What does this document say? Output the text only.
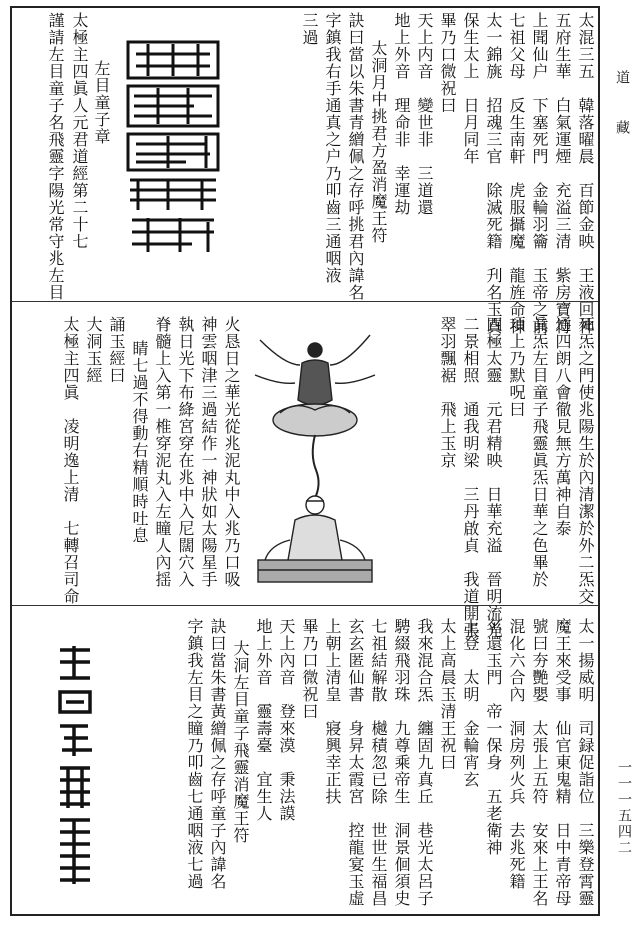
道 藏
一一一五四二
太混三五　韓落曜晨　百節金映　王液回神
五府生華　白氣運煙　充溢三清　紫房寶符
上聞仙户　下塞死門　金輪羽籥　玉帝之前
七祖父母　反生南軒　虎服攝魔　龍旌命神
太一錦旐　招魂三官　除滅死籍　刋名玉真
保生太上　日月同年
畢乃口微祝曰
天上内音　變世非　三道還
地上外音　理命非　幸運劫
太洞月中挑君方盈消魔王符
訣曰當以朱書青繒佩之存呼挑君內諱名
字鎮我右手通真之户乃叩齒三通咽液
三過
左目童子章
太極主四眞人元君道經第二十七
謹請左目童子名飛靈字陽光常守兆左目
死炁之門使兆陽生於內清潔於外二炁交
通四朗八會徹見無方萬神自泰
眞炁左目童子飛靈眞炁日華之色畢於
項上乃默呪曰
四極太靈　元君精映　日華充溢　晉明流光
二景相照　通我明梁　三丹啟貞　我道開張
翠羽飄裾　飛上玉京
火恳日之華光從兆泥丸中入兆乃口吸
神雲咽津三過結作一神狀如太陽星手
執日光下布絳宮穿在兆中入尼闊穴入
脊髓上入第一椎穿泥丸入左瞳人內揺
睛七過不得動右精順時吐息
誦玉經曰
大洞玉經
太極主四眞　凌明逸上清　七轉召司命
太一揚威明　司録促詣位　三樂登霄靈
魔王來受事　仙官東鬼精　日中青帝母
號曰夯艷嬰　太張上五符　安來上王名
混化六合內　洞房列火兵　去兆死籍
名還玉門　帝一保身　五老衛神
上登　太明　金輪宵玄
太上高晨玉清王祝曰
我來混合炁　纏固九真丘　巷光太呂子
騁綴飛羽珠　九尊乘帝生　洞景佪須史
七祖結解散　樾積忽已除　世世生福昌
玄玄匿仙書　身昇太霞宮　控龍宴玉虛
上朝上清皇　寢興幸正扶
畢乃口微祝曰
天上內音　登來漠　秉法謨
地上外音　靈壽臺　宜生人
大洞左目童子飛靈消魔王符
訣曰當朱書黃繒佩之存呼童子內諱名
字鎮我左目之瞳乃叩齒七通咽液七過
